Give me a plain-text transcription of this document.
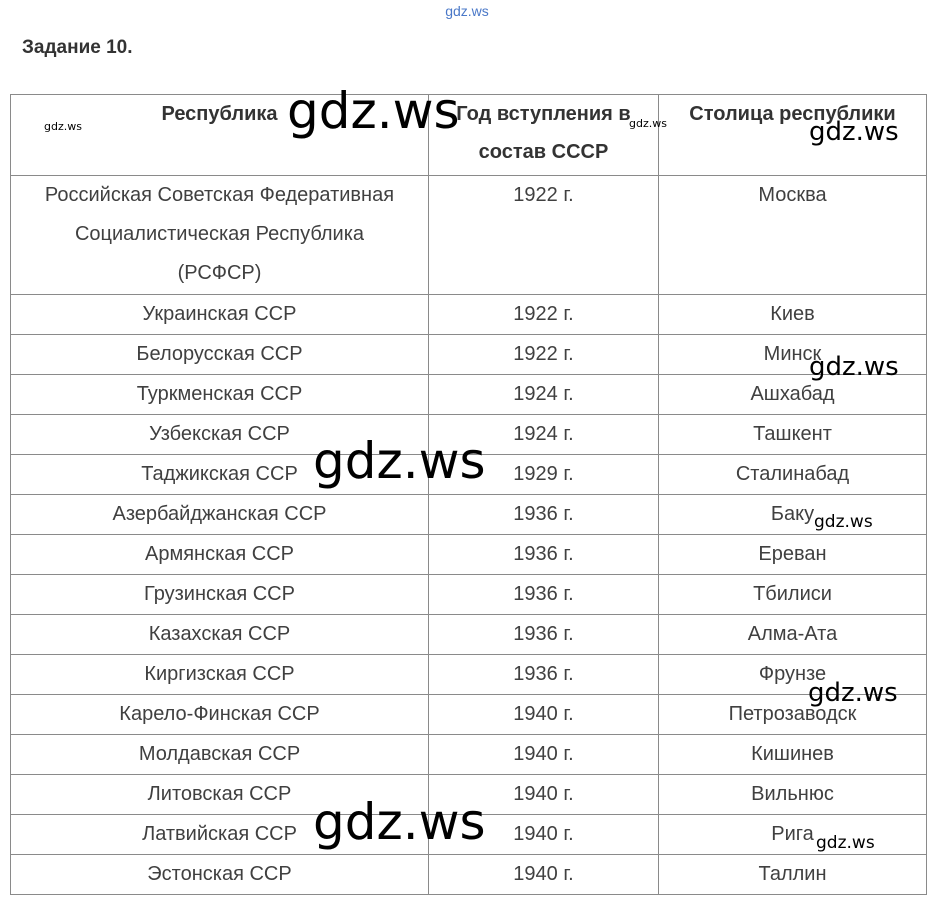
gdz.ws
Задание 10.
Республика	Год вступления в состав СССР	Столица республики
Российская Советская Федеративная Социалистическая Республика (РСФСР)	1922 г.	Москва
Украинская ССР	1922 г.	Киев
Белорусская ССР	1922 г.	Минск
Туркменская ССР	1924 г.	Ашхабад
Узбекская ССР	1924 г.	Ташкент
Таджикская ССР	1929 г.	Сталинабад
Азербайджанская ССР	1936 г.	Баку
Армянская ССР	1936 г.	Ереван
Грузинская ССР	1936 г.	Тбилиси
Казахская ССР	1936 г.	Алма-Ата
Киргизская ССР	1936 г.	Фрунзе
Карело-Финская ССР	1940 г.	Петрозаводск
Молдавская ССР	1940 г.	Кишинев
Литовская ССР	1940 г.	Вильнюс
Латвийская ССР	1940 г.	Рига
Эстонская ССР	1940 г.	Таллин
gdz.ws	gdz.ws	gdz.ws	gdz.ws
gdz.ws
gdz.ws
gdz.ws
gdz.ws
gdz.ws	gdz.ws
